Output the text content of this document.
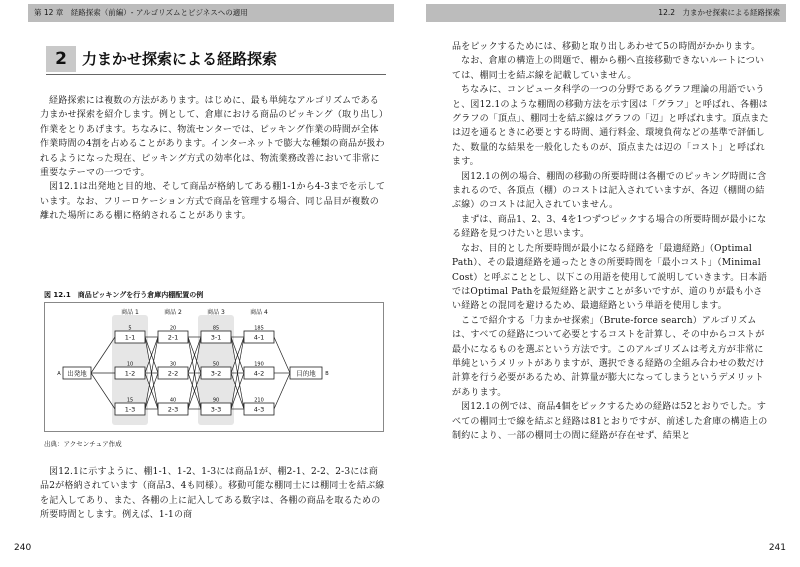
第 12 章　経路探索（前編）- アルゴリズムとビジネスへの適用	12.2　力まかせ探索による経路探索
2	力まかせ探索による経路探索

経路探索には複数の方法があります。はじめに、最も単純なアルゴリズムである力まかせ探索を紹介します。例として、倉庫における商品のピッキング（取り出し）作業をとりあげます。ちなみに、物流センターでは、ピッキング作業の時間が全体作業時間の4割を占めることがあります。インターネットで膨大な種類の商品が扱われるようになった現在、ピッキング方式の効率化は、物流業務改善において非常に重要なテーマの一つです。

図12.1は出発地と目的地、そして商品が格納してある棚1-1から4-3までを示しています。なお、フリーロケーション方式で商品を管理する場合、同じ品目が複数の離れた場所にある棚に格納されることがあります。

図 12.1　商品ピッキングを行う倉庫内棚配置の例
商品 1
1-1
5
1-2
10
1-3
15
商品 2
2-1
20
2-2
30
2-3
40
商品 3
3-1
85
3-2
50
3-3
90
商品 4
4-1
185
4-2
190
4-3
210
出発地
A	目的地 B
出典：アクセンチュア作成

図12.1に示すように、棚1-1、1-2、1-3には商品1が、棚2-1、2-2、2-3には商品2が格納されています（商品3、4も同様）。移動可能な棚同士には棚同士を結ぶ線を記入してあり、また、各棚の上に記入してある数字は、各棚の商品を取るための所要時間とします。例えば、1-1の商

品をピックするためには、移動と取り出しあわせて5の時間がかかります。

なお、倉庫の構造上の問題で、棚から棚へ直接移動できないルートについては、棚同士を結ぶ線を記載していません。

ちなみに、コンピュータ科学の一つの分野であるグラフ理論の用語でいうと、図12.1のような棚間の移動方法を示す図は「グラフ」と呼ばれ、各棚はグラフの「頂点」、棚同士を結ぶ線はグラフの「辺」と呼ばれます。頂点または辺を通るときに必要とする時間、通行料金、環境負荷などの基準で評価した、数量的な結果を一般化したものが、頂点または辺の「コスト」と呼ばれます。

図12.1の例の場合、棚間の移動の所要時間は各棚でのピッキング時間に含まれるので、各頂点（棚）のコストは記入されていますが、各辺（棚間の結ぶ線）のコストは記入されていません。

まずは、商品1、2、3、4を1つずつピックする場合の所要時間が最小になる経路を見つけたいと思います。

なお、目的とした所要時間が最小になる経路を「最適経路」（Optimal Path）、その最適経路を通ったときの所要時間を「最小コスト」（Minimal Cost）と呼ぶこととし、以下この用語を使用して説明していきます。日本語ではOptimal Pathを最短経路と訳すことが多いですが、道のりが最も小さい経路との混同を避けるため、最適経路という単語を使用します。

ここで紹介する「力まかせ探索」（Brute-force search）アルゴリズムは、すべての経路について必要とするコストを計算し、その中からコストが最小になるものを選ぶという方法です。このアルゴリズムは考え方が非常に単純というメリットがありますが、選択できる経路の全組み合わせの数だけ計算を行う必要があるため、計算量が膨大になってしまうというデメリットがあります。

図12.1の例では、商品4個をピックするための経路は52とおりでした。すべての棚同士で線を結ぶと経路は81とおりですが、前述した倉庫の構造上の制約により、一部の棚同士の間に経路が存在せず、結果と

240	241
